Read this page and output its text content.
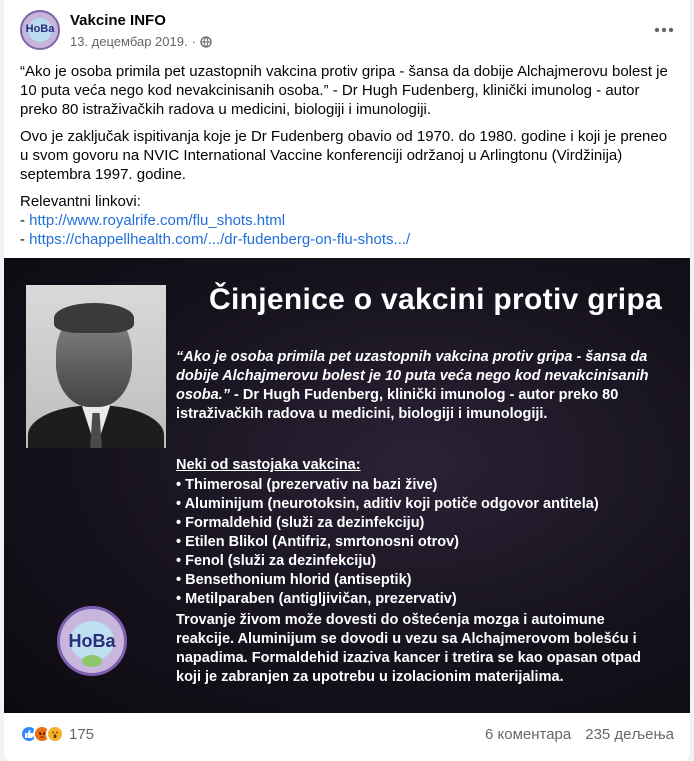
НоВа Vakcine INFO
13. децембар 2019. ·

“Ako je osoba primila pet uzastopnih vakcina protiv gripa - šansa da dobije Alchajmerovu bolest je 10 puta veća nego kod nevakcinisanih osoba.” - Dr Hugh Fudenberg, klinički imunolog - autor preko 80 istraživačkih radova u medicini, biologiji i imunologiji.

Ovo je zaključak ispitivanja koje je Dr Fudenberg obavio od 1970. do 1980. godine i koji je preneo u svom govoru na NVIC International Vaccine konferenciji održanoj u Arlingtonu (Virdžinija) septembra 1997. godine.

Relevantni linkovi:
- http://www.royalrife.com/flu_shots.html
- https://chappellhealth.com/.../dr-fudenberg-on-flu-shots.../
Činjenice o vakcini protiv gripa
“Ako je osoba primila pet uzastopnih vakcina protiv gripa - šansa da dobije Alchajmerovu bolest je 10 puta veća nego kod nevakcinisanih osoba.” - Dr Hugh Fudenberg, klinički imunolog - autor preko 80 istraživačkih radova u medicini, biologiji i imunologiji.
Neki od sastojaka vakcina:
• Thimerosal (prezervativ na bazi žive)
• Aluminijum (neurotoksin, aditiv koji potiče odgovor antitela)
• Formaldehid (služi za dezinfekciju)
• Etilen Blikol (Antifriz, smrtonosni otrov)
• Fenol (služi za dezinfekciju)
• Bensethonium hlorid (antiseptik)
• Metilparaben (antiglјivičan, prezervativ)
НоВа
Trovanje živom može dovesti do oštećenja mozga i autoimune reakcije. Aluminijum se dovodi u vezu sa Alchajmerovom bolešću i napadima. Formaldehid izaziva kancer i tretira se kao opasan otpad koji je zabranjen za upotrebu u izolacionim materijalima.
175	6 коментара 235 дељења
